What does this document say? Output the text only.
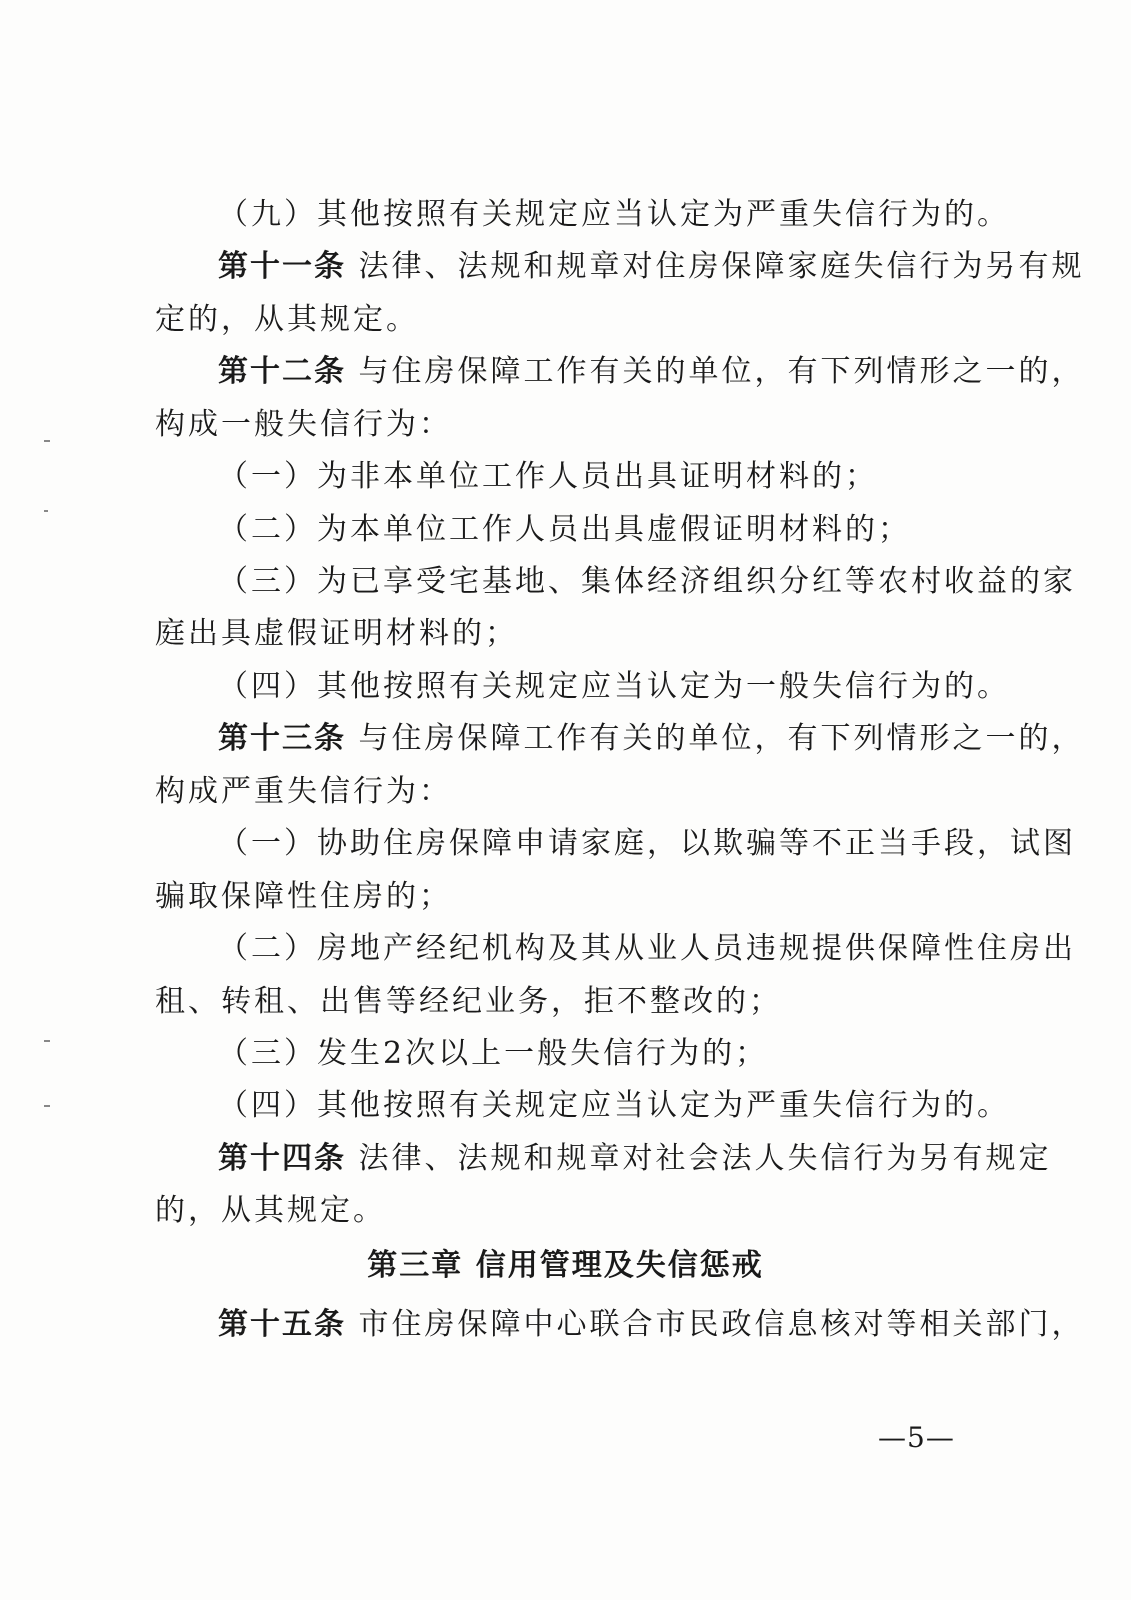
（九）其他按照有关规定应当认定为严重失信行为的。
第十一条 法律、法规和规章对住房保障家庭失信行为另有规
定的，从其规定。
第十二条 与住房保障工作有关的单位，有下列情形之一的，
构成一般失信行为：
（一）为非本单位工作人员出具证明材料的；
（二）为本单位工作人员出具虚假证明材料的；
（三）为已享受宅基地、集体经济组织分红等农村收益的家
庭出具虚假证明材料的；
（四）其他按照有关规定应当认定为一般失信行为的。
第十三条 与住房保障工作有关的单位，有下列情形之一的，
构成严重失信行为：
（一）协助住房保障申请家庭，以欺骗等不正当手段，试图
骗取保障性住房的；
（二）房地产经纪机构及其从业人员违规提供保障性住房出
租、转租、出售等经纪业务，拒不整改的；
（三）发生2次以上一般失信行为的；
（四）其他按照有关规定应当认定为严重失信行为的。
第十四条 法律、法规和规章对社会法人失信行为另有规定
的，从其规定。
第三章 信用管理及失信惩戒
第十五条 市住房保障中心联合市民政信息核对等相关部门，
—5—
